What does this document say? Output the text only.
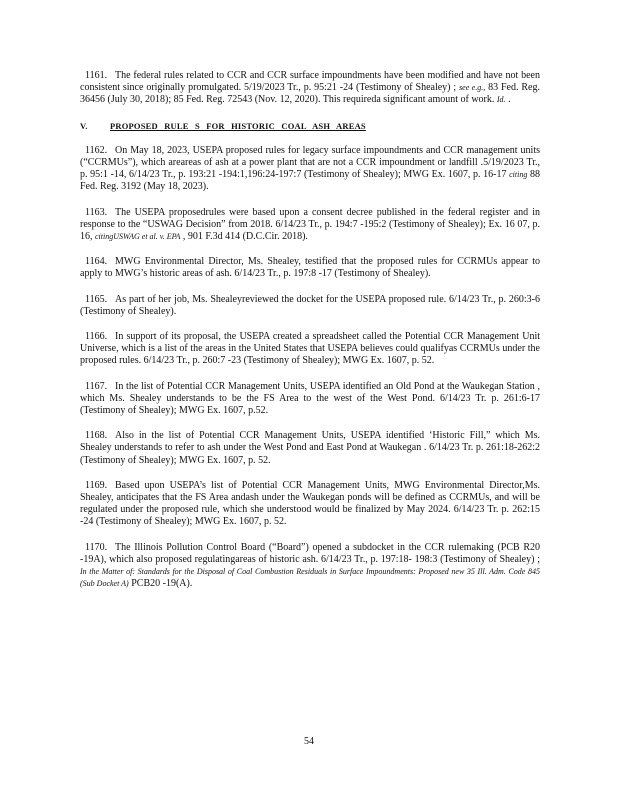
1161. The federal rules related to CCR and CCR surface impoundments have been modified and have not been consistent since originally promulgated. 5/19/2023 Tr., p. 95:21 -24 (Testimony of Shealey) ; see e.g., 83 Fed. Reg. 36456 (July 30, 2018); 85 Fed. Reg. 72543 (Nov. 12, 2020). This requireda significant amount of work. Id. .

V.	PROPOSED RULE S FOR HISTORIC COAL ASH AREAS

1162. On May 18, 2023, USEPA proposed rules for legacy surface impoundments and CCR management units (“CCRMUs”), which areareas of ash at a power plant that are not a CCR impoundment or landfill .5/19/2023 Tr., p. 95:1 -14, 6/14/23 Tr., p. 193:21 -194:1,196:24-197:7 (Testimony of Shealey); MWG Ex. 1607, p. 16-17 citing 88 Fed. Reg. 3192 (May 18, 2023).

1163. The USEPA proposedrules were based upon a consent decree published in the federal register and in response to the “USWAG Decision” from 2018. 6/14/23 Tr., p. 194:7 -195:2 (Testimony of Shealey); Ex. 16 07, p. 16, citingUSWAG et al. v. EPA , 901 F.3d 414 (D.C.Cir. 2018).

1164. MWG Environmental Director, Ms. Shealey, testified that the proposed rules for CCRMUs appear to apply to MWG’s historic areas of ash. 6/14/23 Tr., p. 197:8 -17 (Testimony of Shealey).

1165. As part of her job, Ms. Shealeyreviewed the docket for the USEPA proposed rule. 6/14/23 Tr., p. 260:3-6 (Testimony of Shealey).

1166. In support of its proposal, the USEPA created a spreadsheet called the Potential CCR Management Unit Universe, which is a list of the areas in the United States that USEPA believes could qualifyas CCRMUs under the proposed rules. 6/14/23 Tr., p. 260:7 -23 (Testimony of Shealey); MWG Ex. 1607, p. 52.

1167. In the list of Potential CCR Management Units, USEPA identified an Old Pond at the Waukegan Station , which Ms. Shealey understands to be the FS Area to the west of the West Pond. 6/14/23 Tr. p. 261:6-17 (Testimony of Shealey); MWG Ex. 1607, p.52.

1168. Also in the list of Potential CCR Management Units, USEPA identified ‘Historic Fill,” which Ms. Shealey understands to refer to ash under the West Pond and East Pond at Waukegan . 6/14/23 Tr. p. 261:18-262:2 (Testimony of Shealey); MWG Ex. 1607, p. 52.

1169. Based upon USEPA’s list of Potential CCR Management Units, MWG Environmental Director,Ms. Shealey, anticipates that the FS Area andash under the Waukegan ponds will be defined as CCRMUs, and will be regulated under the proposed rule, which she understood would be finalized by May 2024. 6/14/23 Tr. p. 262:15 -24 (Testimony of Shealey); MWG Ex. 1607, p. 52.

1170. The Illinois Pollution Control Board (“Board”) opened a subdocket in the CCR rulemaking (PCB R20 -19A), which also proposed regulatingareas of historic ash. 6/14/23 Tr., p. 197:18- 198:3 (Testimony of Shealey) ; In the Matter of: Standards for the Disposal of Coal Combustion Residuals in Surface Impoundments: Proposed new 35 Ill. Adm. Code 845 (Sub Docket A) PCB20 -19(A).

54
